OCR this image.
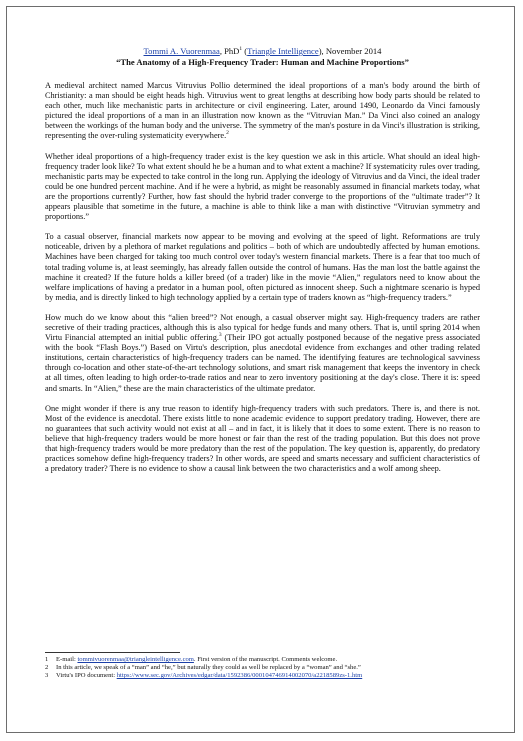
Tommi A. Vuorenmaa, PhD$^1$ (Triangle Intelligence), November 2014
“The Anatomy of a High-Frequency Trader: Human and Machine Proportions”

A medieval architect named Marcus Vitruvius Pollio determined the ideal proportions of a man's body around the birth of Christianity: a man should be eight heads high. Vitruvius went to great lengths at describing how body parts should be related to each other, much like mechanistic parts in architecture or civil engineering. Later, around 1490, Leonardo da Vinci famously pictured the ideal proportions of a man in an illustration now known as the “Vitruvian Man.” Da Vinci also coined an analogy between the workings of the human body and the universe. The symmetry of the man's posture in da Vinci's illustration is striking, representing the over-ruling systematicity everywhere.$^2$

Whether ideal proportions of a high-frequency trader exist is the key question we ask in this article. What should an ideal high-frequency trader look like? To what extent should he be a human and to what extent a machine? If systematicity rules over trading, mechanistic parts may be expected to take control in the long run. Applying the ideology of Vitruvius and da Vinci, the ideal trader could be one hundred percent machine. And if he were a hybrid, as might be reasonably assumed in financial markets today, what are the proportions currently? Further, how fast should the hybrid trader converge to the proportions of the “ultimate trader”? It appears plausible that sometime in the future, a machine is able to think like a man with distinctive “Vitruvian symmetry and proportions.”

To a casual observer, financial markets now appear to be moving and evolving at the speed of light. Reformations are truly noticeable, driven by a plethora of market regulations and politics – both of which are undoubtedly affected by human emotions. Machines have been charged for taking too much control over today's western financial markets. There is a fear that too much of total trading volume is, at least seemingly, has already fallen outside the control of humans. Has the man lost the battle against the machine it created? If the future holds a killer breed (of a trader) like in the movie “Alien,” regulators need to know about the welfare implications of having a predator in a human pool, often pictured as innocent sheep. Such a nightmare scenario is hyped by media, and is directly linked to high technology applied by a certain type of traders known as “high-frequency traders.”

How much do we know about this “alien breed”? Not enough, a casual observer might say. High-frequency traders are rather secretive of their trading practices, although this is also typical for hedge funds and many others. That is, until spring 2014 when Virtu Financial attempted an initial public offering.$^3$ (Their IPO got actually postponed because of the negative press associated with the book “Flash Boys.”) Based on Virtu's description, plus anecdotal evidence from exchanges and other trading related institutions, certain characteristics of high-frequency traders can be named. The identifying features are technological savviness through co-location and other state-of-the-art technology solutions, and smart risk management that keeps the inventory in check at all times, often leading to high order-to-trade ratios and near to zero inventory positioning at the day's close. There it is: speed and smarts. In “Alien,” these are the main characteristics of the ultimate predator.

One might wonder if there is any true reason to identify high-frequency traders with such predators. There is, and there is not. Most of the evidence is anecdotal. There exists little to none academic evidence to support predatory trading. However, there are no guarantees that such activity would not exist at all – and in fact, it is likely that it does to some extent. There is no reason to believe that high-frequency traders would be more honest or fair than the rest of the trading population. But this does not prove that high-frequency traders would be more predatory than the rest of the population. The key question is, apparently, do predatory practices somehow define high-frequency traders? In other words, are speed and smarts necessary and sufficient characteristics of a predatory trader? There is no evidence to show a causal link between the two characteristics and a wolf among sheep.

1	E-mail: tommivuorenmaa@triangleintelligence.com. First version of the manuscript. Comments welcome.
2	In this article, we speak of a “man” and “he,” but naturally they could as well be replaced by a “woman” and “she.”
3	Virtu's IPO document: https://www.sec.gov/Archives/edgar/data/1592386/000104746914002070/a2218589zs-1.htm
